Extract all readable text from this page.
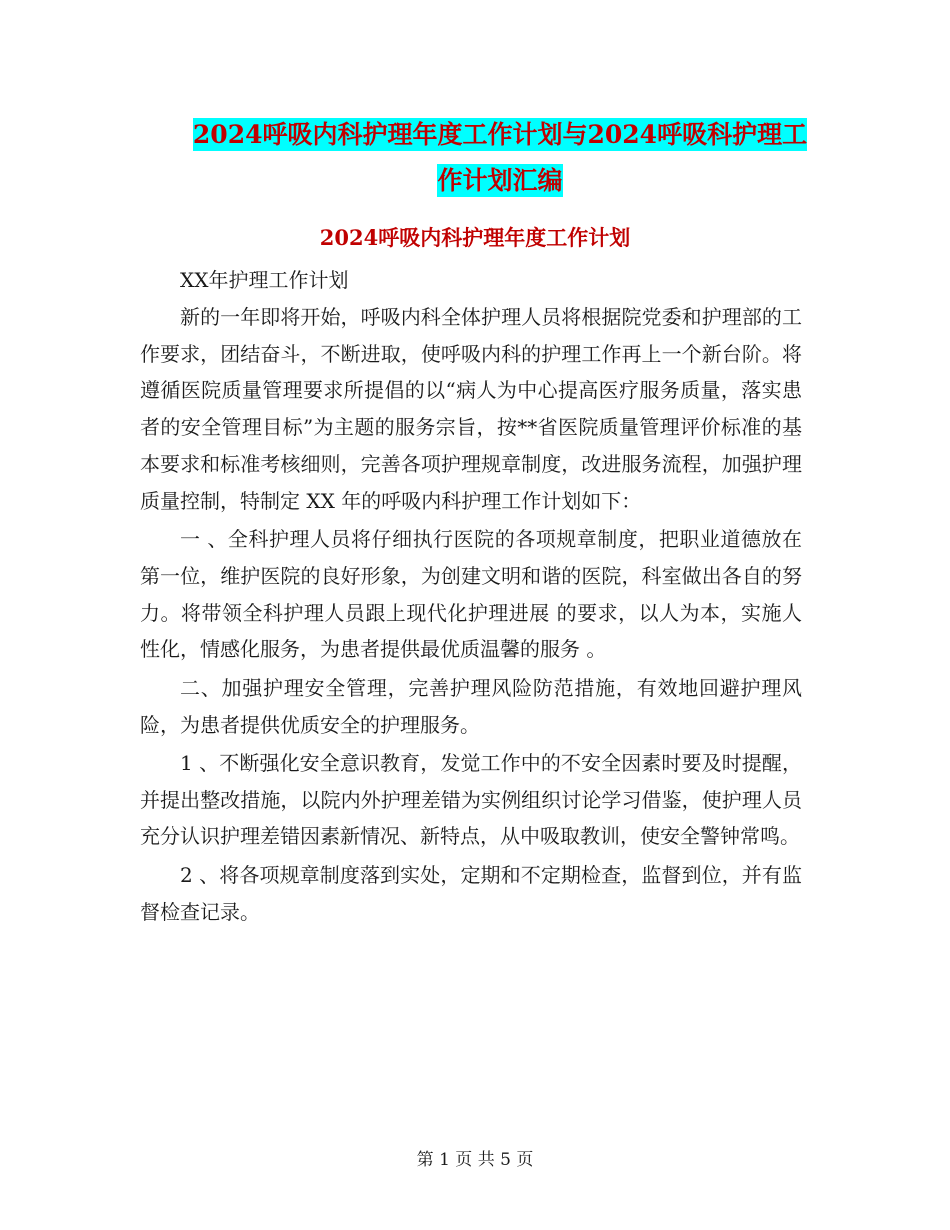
2024呼吸内科护理年度工作计划与2024呼吸科护理工
作计划汇编
2024呼吸内科护理年度工作计划

XX年护理工作计划

新的一年即将开始，呼吸内科全体护理人员将根据院党委和护理部的工作要求，团结奋斗，不断进取，使呼吸内科的护理工作再上一个新台阶。将遵循医院质量管理要求所提倡的以“病人为中心提高医疗服务质量，落实患者的安全管理目标”为主题的服务宗旨，按**省医院质量管理评价标准的基本要求和标准考核细则，完善各项护理规章制度，改进服务流程，加强护理质量控制，特制定 XX 年的呼吸内科护理工作计划如下：

一 、全科护理人员将仔细执行医院的各项规章制度，把职业道德放在第一位，维护医院的良好形象，为创建文明和谐的医院，科室做出各自的努力。将带领全科护理人员跟上现代化护理进展 的要求，以人为本，实施人性化，情感化服务，为患者提供最优质温馨的服务 。

二、加强护理安全管理，完善护理风险防范措施，有效地回避护理风险，为患者提供优质安全的护理服务。

1 、不断强化安全意识教育，发觉工作中的不安全因素时要及时提醒，并提出整改措施，以院内外护理差错为实例组织讨论学习借鉴，使护理人员充分认识护理差错因素新情况、新特点，从中吸取教训，使安全警钟常鸣。

2 、将各项规章制度落到实处，定期和不定期检查，监督到位，并有监督检查记录。

第 1 页 共 5 页
